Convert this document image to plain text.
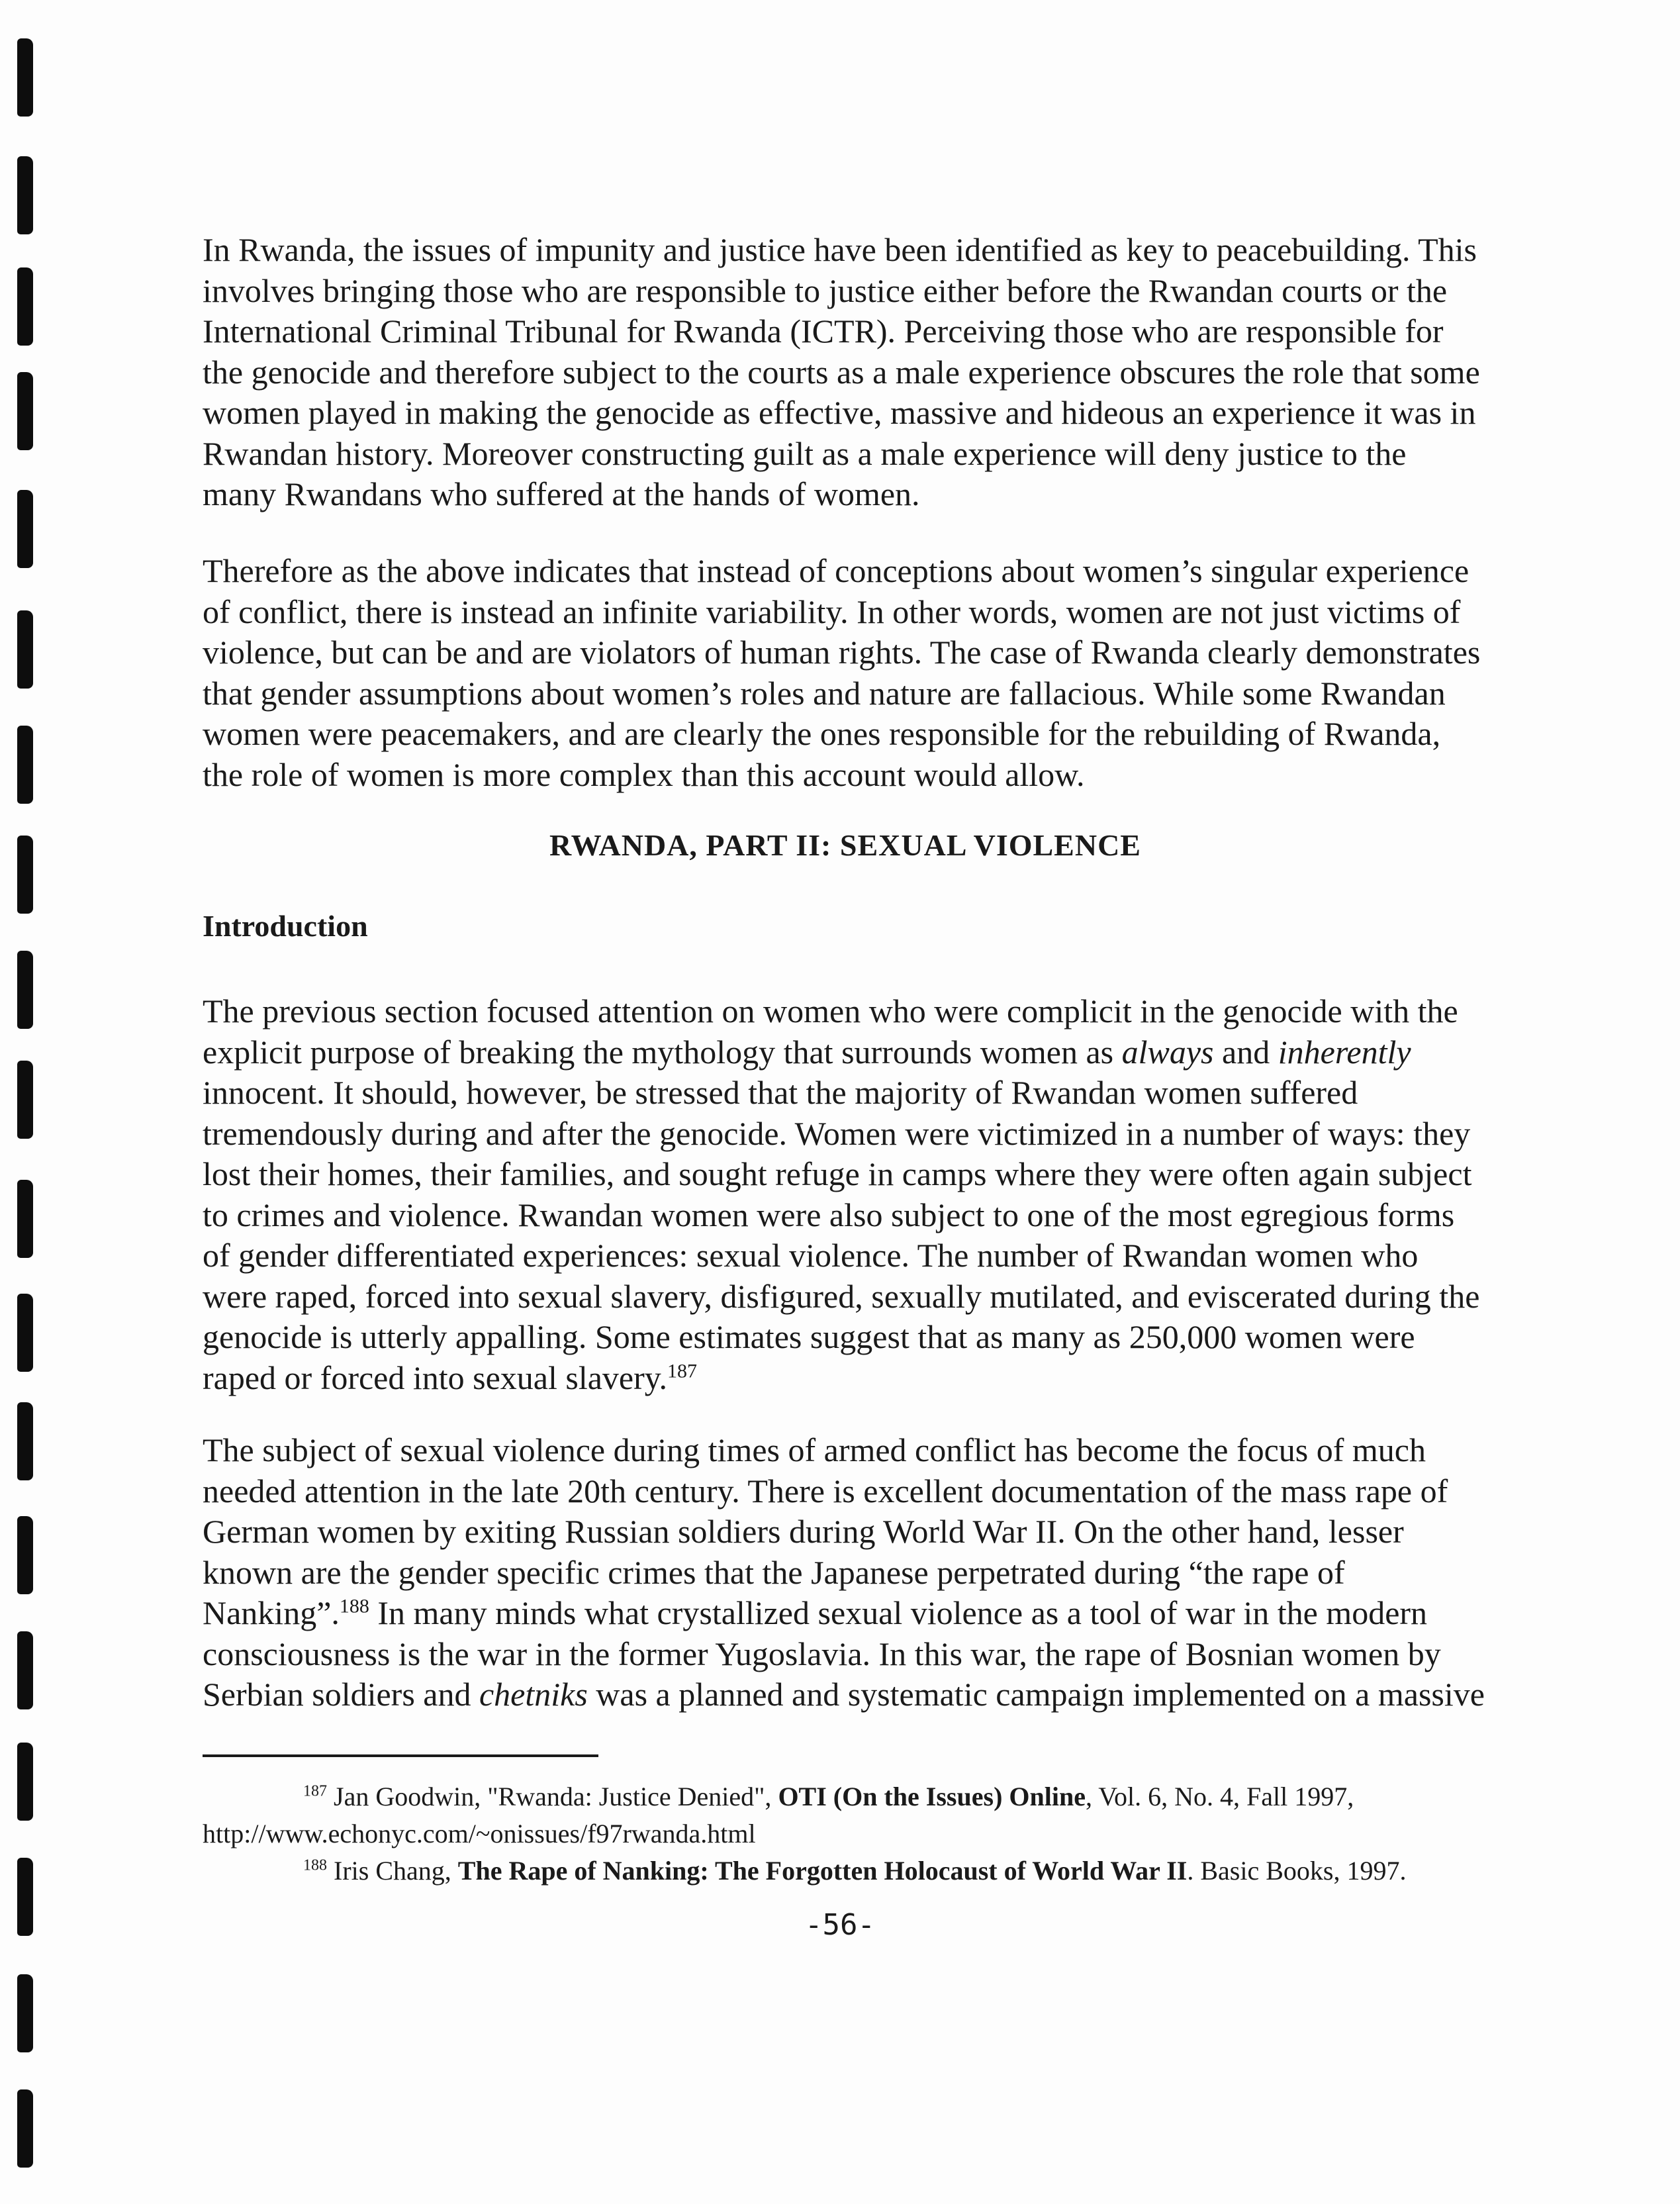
In Rwanda, the issues of impunity and justice have been identified as key to peacebuilding. This involves bringing those who are responsible to justice either before the Rwandan courts or the International Criminal Tribunal for Rwanda (ICTR). Perceiving those who are responsible for the genocide and therefore subject to the courts as a male experience obscures the role that some women played in making the genocide as effective, massive and hideous an experience it was in Rwandan history. Moreover constructing guilt as a male experience will deny justice to the many Rwandans who suffered at the hands of women.

Therefore as the above indicates that instead of conceptions about women’s singular experience of conflict, there is instead an infinite variability. In other words, women are not just victims of violence, but can be and are violators of human rights. The case of Rwanda clearly demonstrates that gender assumptions about women’s roles and nature are fallacious. While some Rwandan women were peacemakers, and are clearly the ones responsible for the rebuilding of Rwanda, the role of women is more complex than this account would allow.

RWANDA, PART II: SEXUAL VIOLENCE
Introduction

The previous section focused attention on women who were complicit in the genocide with the explicit purpose of breaking the mythology that surrounds women as always and inherently innocent. It should, however, be stressed that the majority of Rwandan women suffered tremendously during and after the genocide. Women were victimized in a number of ways: they lost their homes, their families, and sought refuge in camps where they were often again subject to crimes and violence. Rwandan women were also subject to one of the most egregious forms of gender differentiated experiences: sexual violence. The number of Rwandan women who were raped, forced into sexual slavery, disfigured, sexually mutilated, and eviscerated during the genocide is utterly appalling. Some estimates suggest that as many as 250,000 women were raped or forced into sexual slavery.$^{187}$

The subject of sexual violence during times of armed conflict has become the focus of much needed attention in the late 20th century. There is excellent documentation of the mass rape of German women by exiting Russian soldiers during World War II. On the other hand, lesser known are the gender specific crimes that the Japanese perpetrated during “the rape of Nanking”.$^{188}$ In many minds what crystallized sexual violence as a tool of war in the modern consciousness is the war in the former Yugoslavia. In this war, the rape of Bosnian women by Serbian soldiers and chetniks was a planned and systematic campaign implemented on a massive

$^{187}$ Jan Goodwin, "Rwanda: Justice Denied", OTI (On the Issues) Online, Vol. 6, No. 4, Fall 1997, http://www.echonyc.com/~onissues/f97rwanda.html

$^{188}$ Iris Chang, The Rape of Nanking: The Forgotten Holocaust of World War II. Basic Books, 1997.

-56-
